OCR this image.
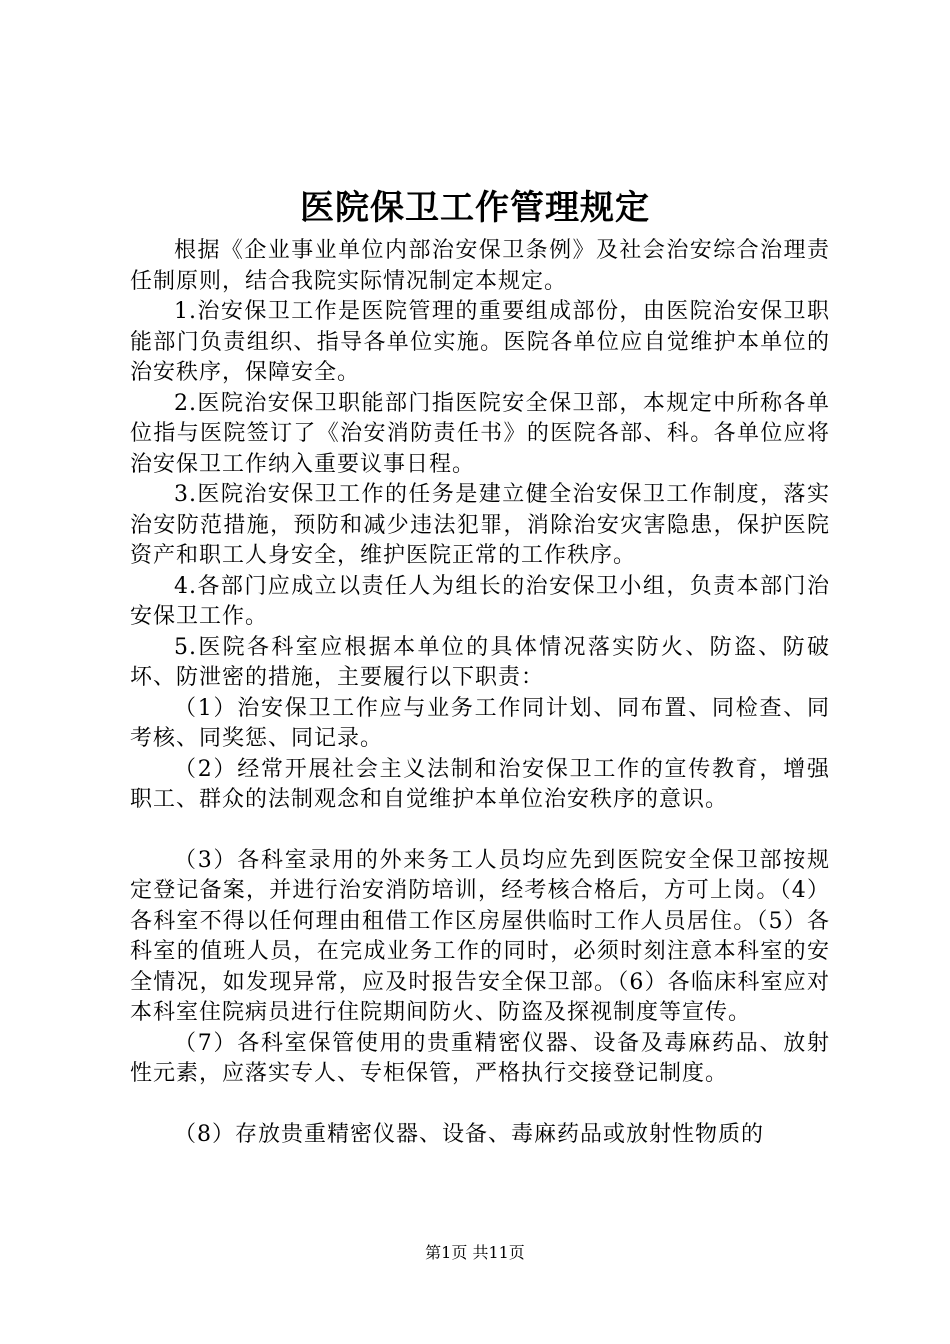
医院保卫工作管理规定

根据《企业事业单位内部治安保卫条例》及社会治安综合治理责任制原则，结合我院实际情况制定本规定。

1.治安保卫工作是医院管理的重要组成部份，由医院治安保卫职能部门负责组织、指导各单位实施。医院各单位应自觉维护本单位的治安秩序，保障安全。

2.医院治安保卫职能部门指医院安全保卫部，本规定中所称各单位指与医院签订了《治安消防责任书》的医院各部、科。各单位应将治安保卫工作纳入重要议事日程。

3.医院治安保卫工作的任务是建立健全治安保卫工作制度，落实治安防范措施，预防和减少违法犯罪，消除治安灾害隐患，保护医院资产和职工人身安全，维护医院正常的工作秩序。

4.各部门应成立以责任人为组长的治安保卫小组，负责本部门治安保卫工作。

5.医院各科室应根据本单位的具体情况落实防火、防盗、防破坏、防泄密的措施，主要履行以下职责：

（1）治安保卫工作应与业务工作同计划、同布置、同检查、同考核、同奖惩、同记录。

（2）经常开展社会主义法制和治安保卫工作的宣传教育，增强职工、群众的法制观念和自觉维护本单位治安秩序的意识。

（3）各科室录用的外来务工人员均应先到医院安全保卫部按规定登记备案，并进行治安消防培训，经考核合格后，方可上岗。（4）各科室不得以任何理由租借工作区房屋供临时工作人员居住。（5）各科室的值班人员，在完成业务工作的同时，必须时刻注意本科室的安全情况，如发现异常，应及时报告安全保卫部。（6）各临床科室应对本科室住院病员进行住院期间防火、防盗及探视制度等宣传。

（7）各科室保管使用的贵重精密仪器、设备及毒麻药品、放射性元素，应落实专人、专柜保管，严格执行交接登记制度。

（8）存放贵重精密仪器、设备、毒麻药品或放射性物质的

第1页 共11页
